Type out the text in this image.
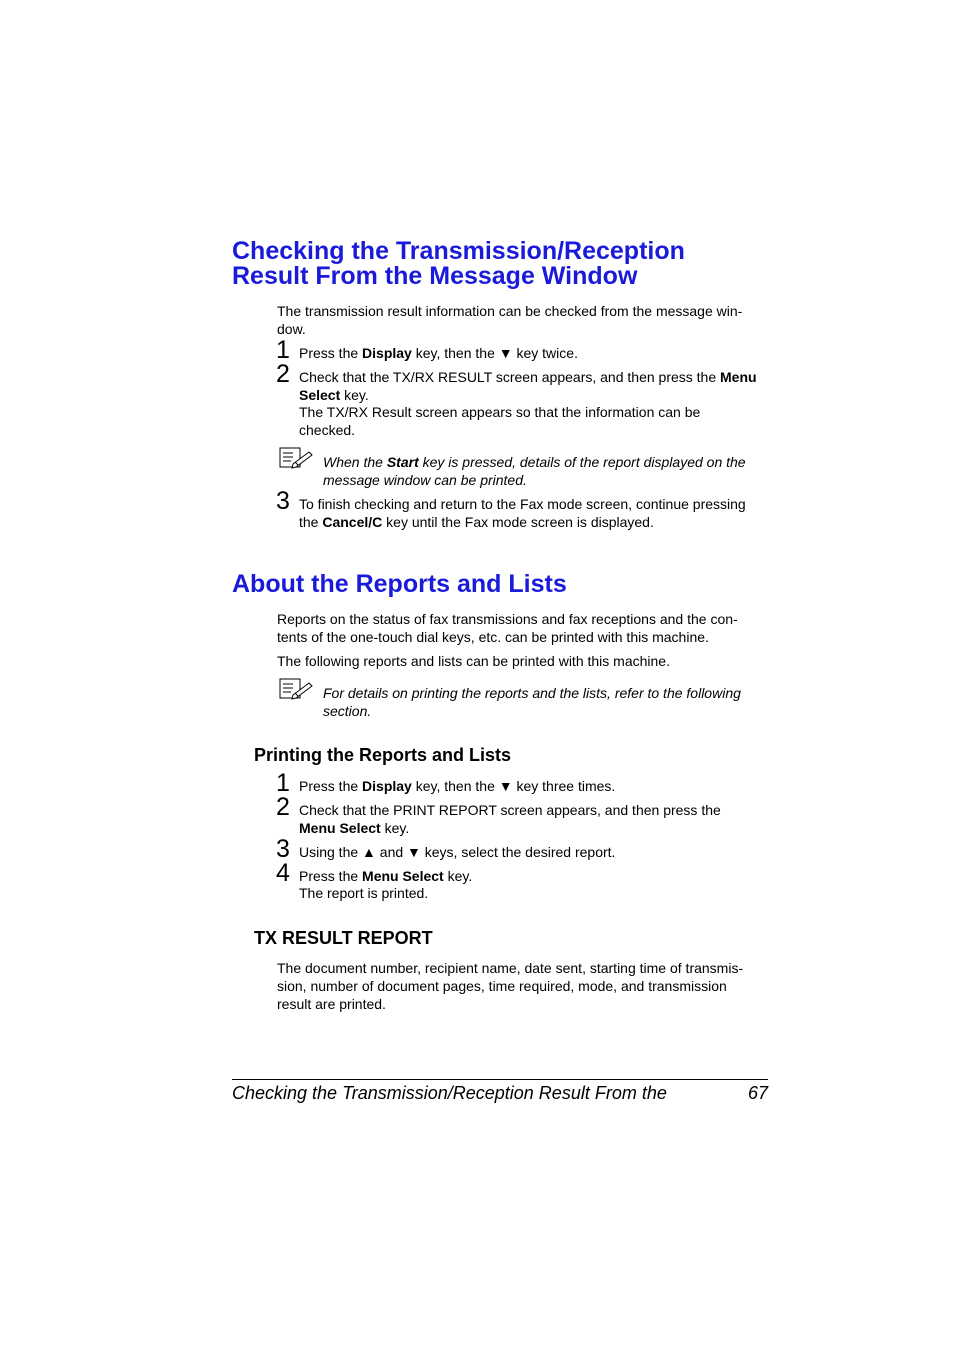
Checking the Transmission/Reception
Result From the Message Window

The transmission result information can be checked from the message win-dow.

1 Press the Display key, then the ▼ key twice.

2 Check that the TX/RX RESULT screen appears, and then press the Menu Select key.

The TX/RX Result screen appears so that the information can be checked.

When the Start key is pressed, details of the report displayed on the message window can be printed.

3 To finish checking and return to the Fax mode screen, continue pressing the Cancel/C key until the Fax mode screen is displayed.

About the Reports and Lists

Reports on the status of fax transmissions and fax receptions and the con-tents of the one-touch dial keys, etc. can be printed with this machine.

The following reports and lists can be printed with this machine.

For details on printing the reports and the lists, refer to the following section.

Printing the Reports and Lists
1 Press the Display key, then the ▼ key three times.

2 Check that the PRINT REPORT screen appears, and then press the Menu Select key.

3 Using the ▲ and ▼ keys, select the desired report.

4 Press the Menu Select key.

The report is printed.

TX RESULT REPORT

The document number, recipient name, date sent, starting time of transmis-sion, number of document pages, time required, mode, and transmission result are printed.

Checking the Transmission/Reception Result From the	67
